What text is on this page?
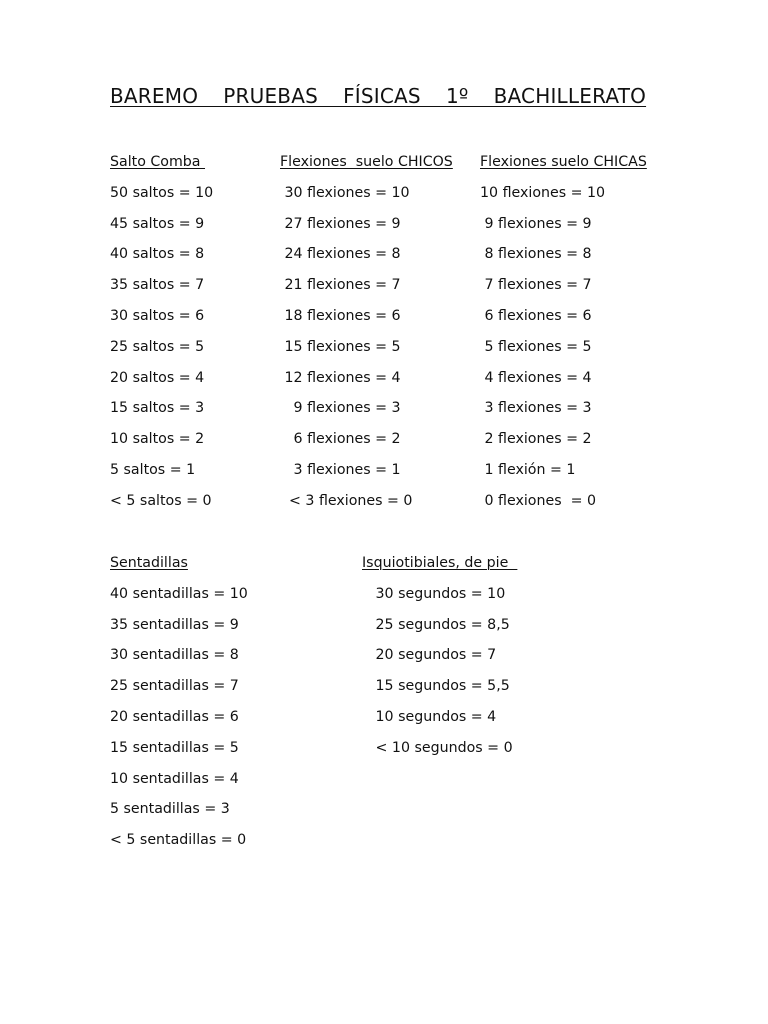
BAREMO  PRUEBAS  FÍSICAS  1º  BACHILLERATO

Salto Comba

50 saltos = 10

45 saltos = 9

40 saltos = 8

35 saltos = 7

30 saltos = 6

25 saltos = 5

20 saltos = 4

15 saltos = 3

10 saltos = 2

5 saltos = 1

< 5 saltos = 0

Flexiones  suelo CHICOS

30 flexiones = 10

27 flexiones = 9

24 flexiones = 8

21 flexiones = 7

18 flexiones = 6

15 flexiones = 5

12 flexiones = 4

9 flexiones = 3

6 flexiones = 2

3 flexiones = 1

< 3 flexiones = 0

Flexiones suelo CHICAS

10 flexiones = 10

9 flexiones = 9

8 flexiones = 8

7 flexiones = 7

6 flexiones = 6

5 flexiones = 5

4 flexiones = 4

3 flexiones = 3

2 flexiones = 2

1 flexión = 1

0 flexiones  = 0

Sentadillas

40 sentadillas = 10

35 sentadillas = 9

30 sentadillas = 8

25 sentadillas = 7

20 sentadillas = 6

15 sentadillas = 5

10 sentadillas = 4

5 sentadillas = 3

< 5 sentadillas = 0

Isquiotibiales, de pie

30 segundos = 10

25 segundos = 8,5

20 segundos = 7

15 segundos = 5,5

10 segundos = 4

< 10 segundos = 0
